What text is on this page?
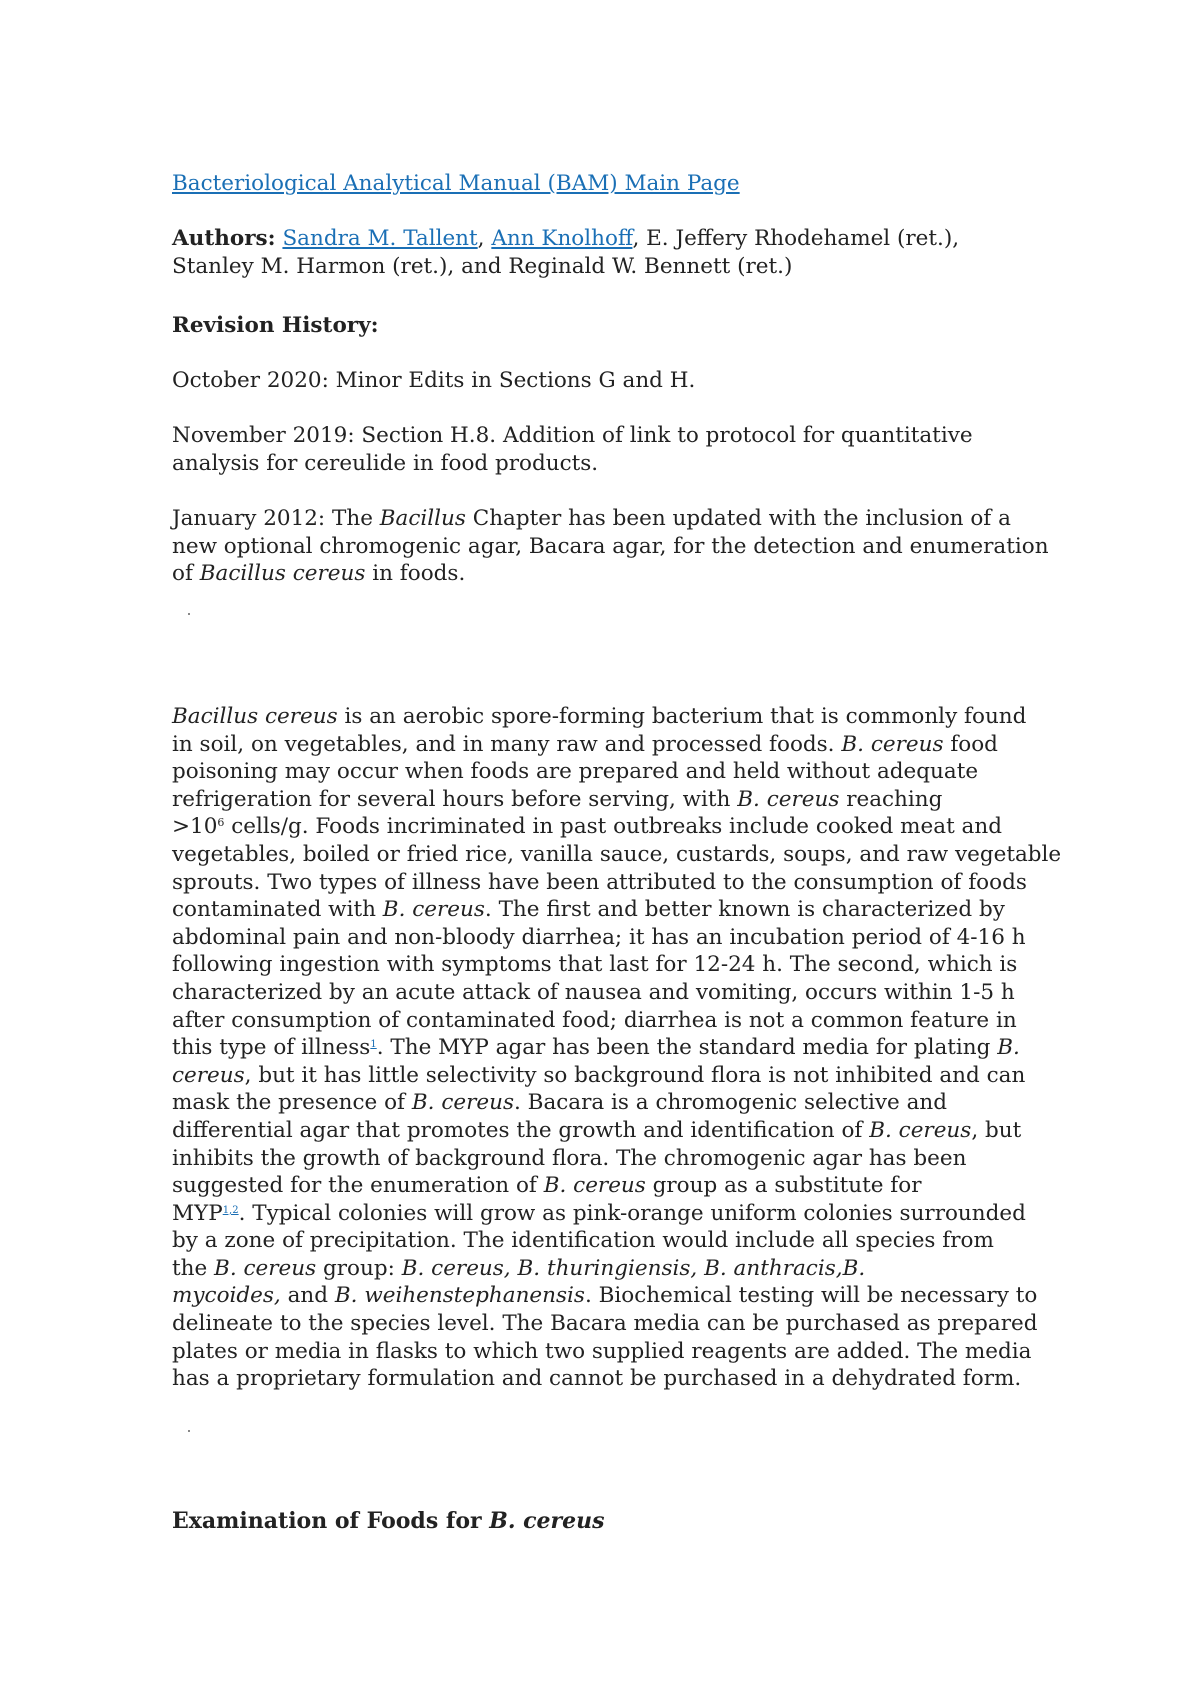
Bacteriological Analytical Manual (BAM) Main Page

Authors: Sandra M. Tallent, Ann Knolhoff, E. Jeffery Rhodehamel (ret.),
Stanley M. Harmon (ret.), and Reginald W. Bennett (ret.)

Revision History:

October 2020: Minor Edits in Sections G and H.

November 2019: Section H.8. Addition of link to protocol for quantitative
analysis for cereulide in food products.

January 2012: The Bacillus Chapter has been updated with the inclusion of a
new optional chromogenic agar, Bacara agar, for the detection and enumeration
of Bacillus cereus in foods.

Bacillus cereus is an aerobic spore-forming bacterium that is commonly found
in soil, on vegetables, and in many raw and processed foods. B. cereus food
poisoning may occur when foods are prepared and held without adequate
refrigeration for several hours before serving, with B. cereus reaching
$>10^6$ cells/g. Foods incriminated in past outbreaks include cooked meat and
vegetables, boiled or fried rice, vanilla sauce, custards, soups, and raw vegetable
sprouts. Two types of illness have been attributed to the consumption of foods
contaminated with B. cereus. The first and better known is characterized by
abdominal pain and non-bloody diarrhea; it has an incubation period of 4-16 h
following ingestion with symptoms that last for 12-24 h. The second, which is
characterized by an acute attack of nausea and vomiting, occurs within 1-5 h
after consumption of contaminated food; diarrhea is not a common feature in
this type of illness$^1$. The MYP agar has been the standard media for plating B.
cereus, but it has little selectivity so background flora is not inhibited and can
mask the presence of B. cereus. Bacara is a chromogenic selective and
differential agar that promotes the growth and identification of B. cereus, but
inhibits the growth of background flora. The chromogenic agar has been
suggested for the enumeration of B. cereus group as a substitute for
MYP$^{1,2}$. Typical colonies will grow as pink-orange uniform colonies surrounded
by a zone of precipitation. The identification would include all species from
the B. cereus group: B. cereus, B. thuringiensis, B. anthracis,B.
mycoides, and B. weihenstephanensis. Biochemical testing will be necessary to
delineate to the species level. The Bacara media can be purchased as prepared
plates or media in flasks to which two supplied reagents are added. The media
has a proprietary formulation and cannot be purchased in a dehydrated form.

Examination of Foods for B. cereus
